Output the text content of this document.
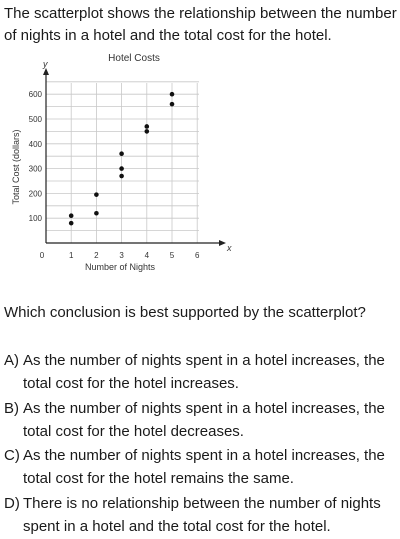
The scatterplot shows the relationship between the number of nights in a hotel and the total cost for the hotel.

Hotel Costs
0	1	2	3	4	5	6
100
200
300
400
500
600
Total Cost (dollars)
Number of Nights
x
y

Which conclusion is best supported by the scatterplot?

A) As the number of nights spent in a hotel increases, the total cost for the hotel increases.
B) As the number of nights spent in a hotel increases, the total cost for the hotel decreases.
C) As the number of nights spent in a hotel increases, the total cost for the hotel remains the same.
D) There is no relationship between the number of nights spent in a hotel and the total cost for the hotel.
